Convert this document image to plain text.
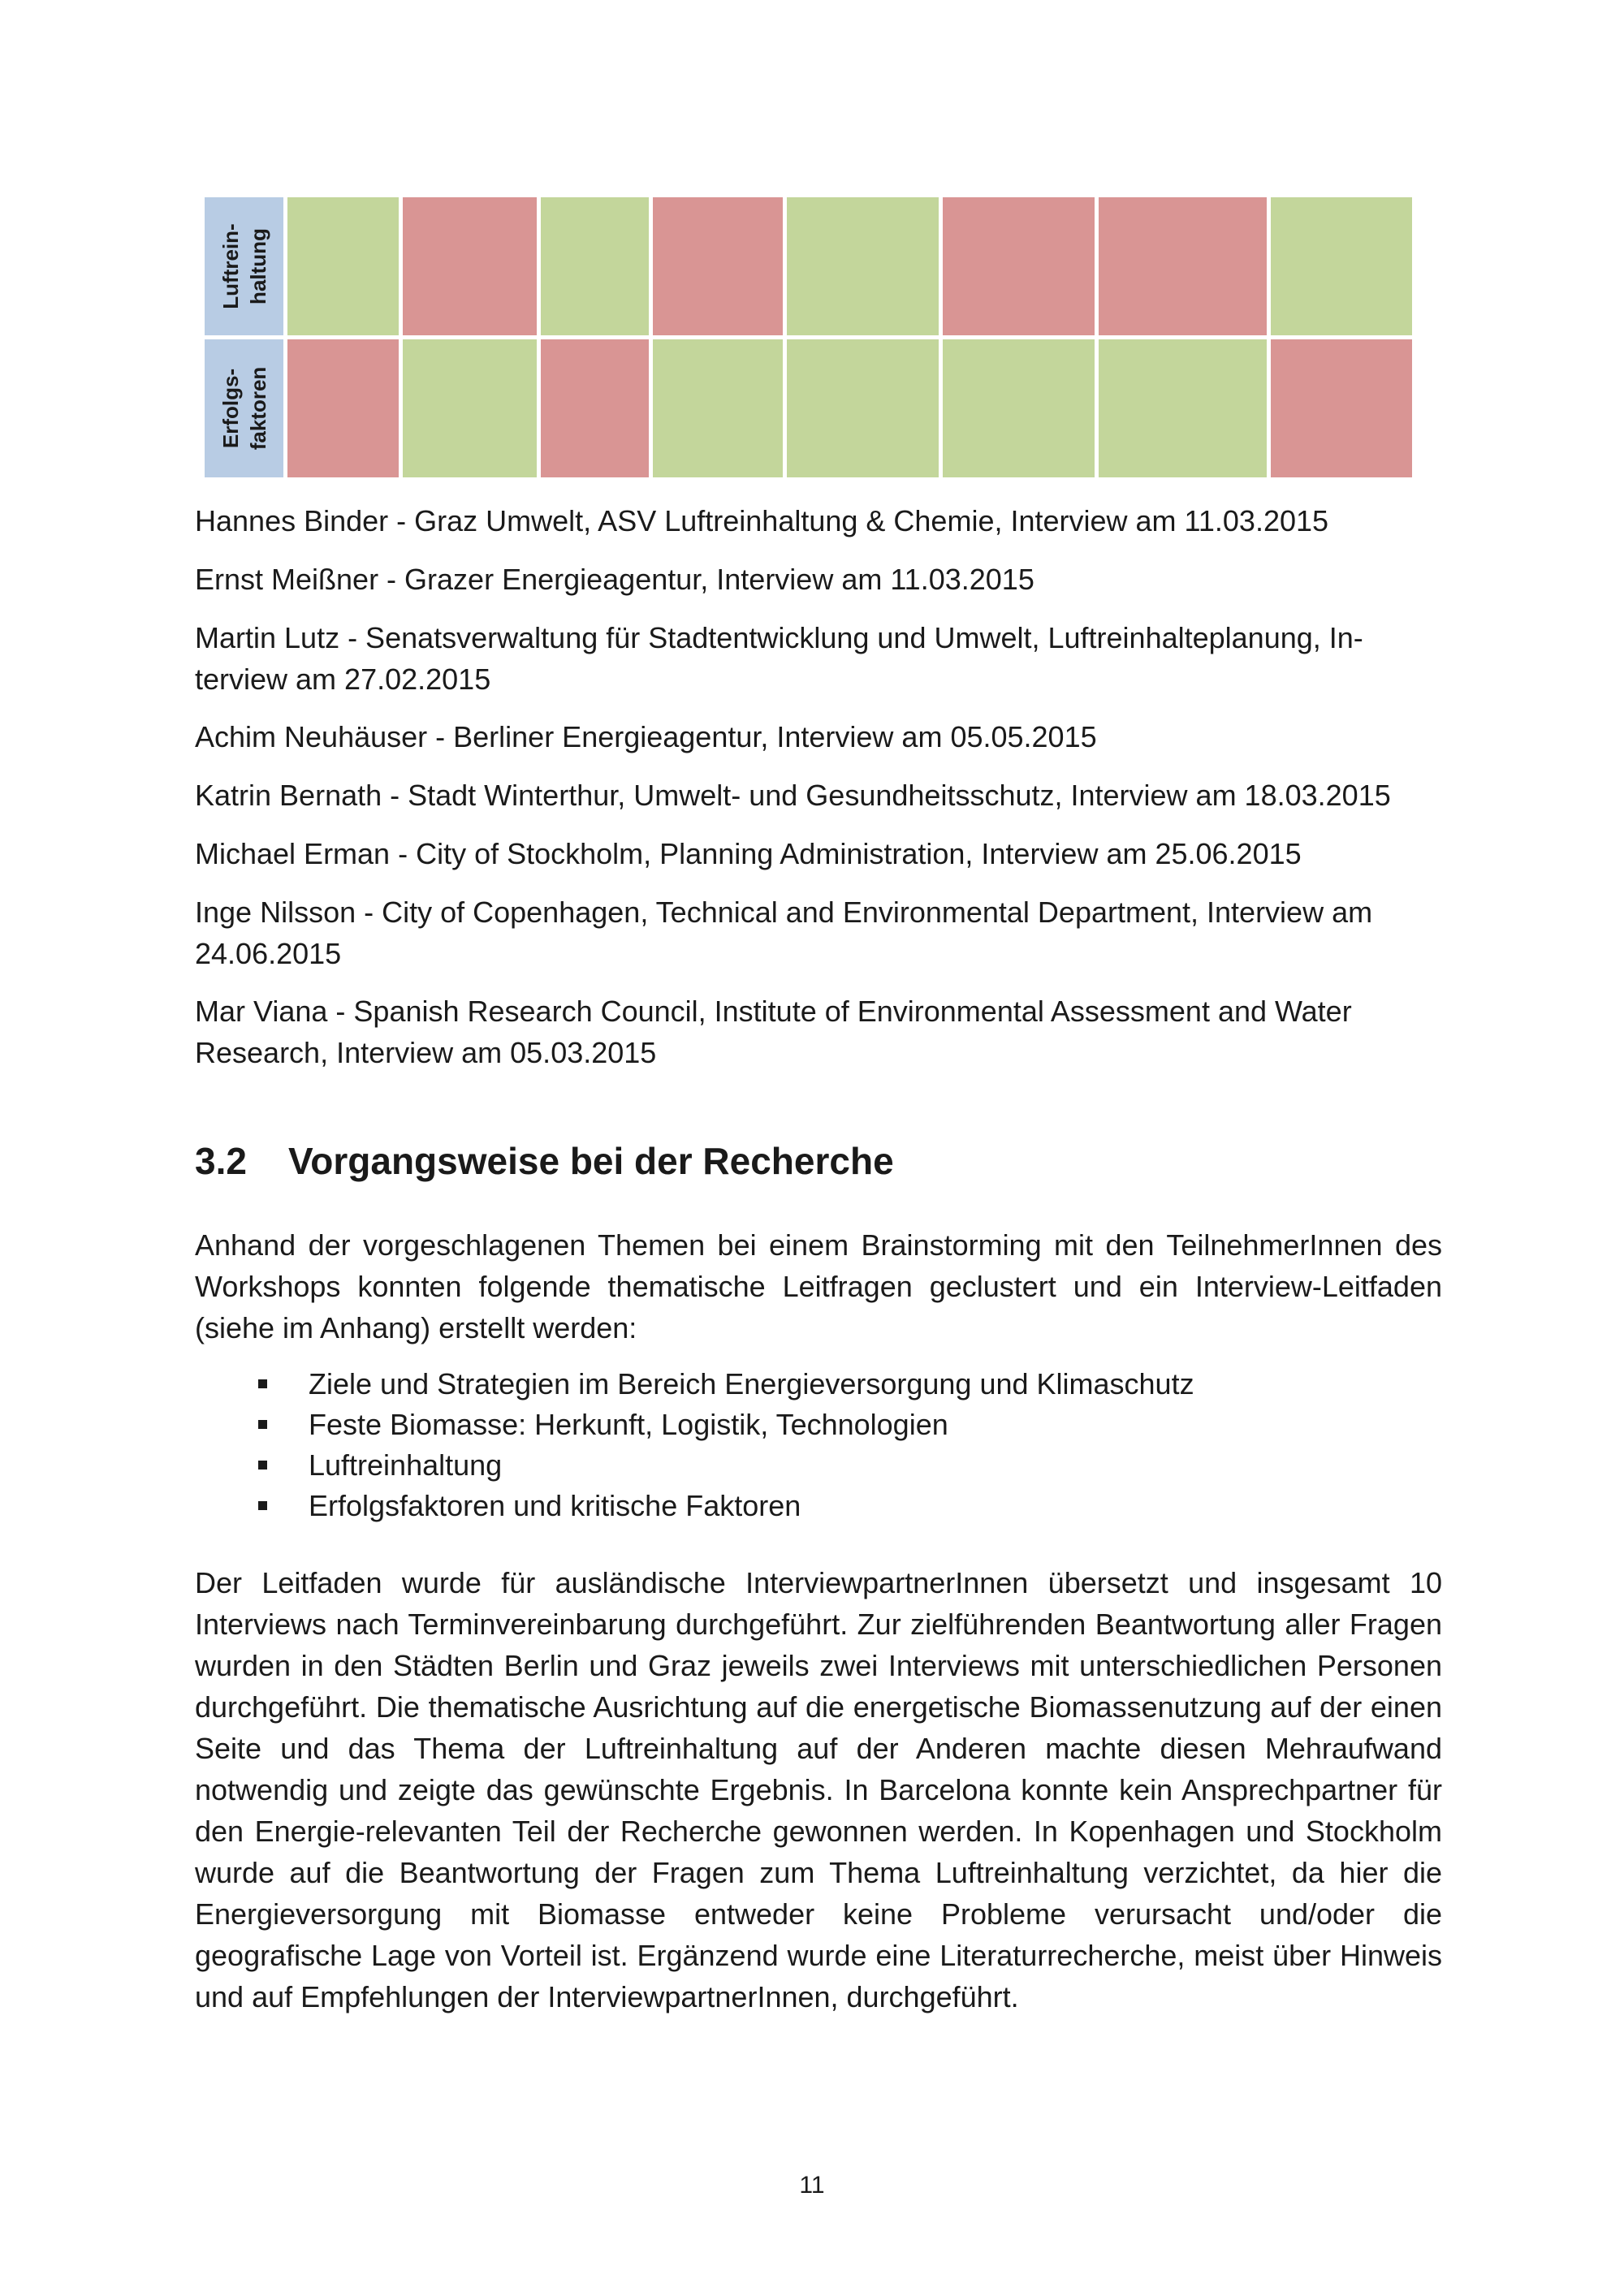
Luftrein-
haltung								

Erfolgs-
faktoren								

Hannes Binder - Graz Umwelt, ASV Luftreinhaltung & Chemie, Interview am 11.03.2015
Ernst Meißner - Grazer Energieagentur, Interview am 11.03.2015
Martin Lutz - Senatsverwaltung für Stadtentwicklung und Umwelt, Luftreinhalteplanung, In-
terview am 27.02.2015
Achim Neuhäuser - Berliner Energieagentur, Interview am 05.05.2015
Katrin Bernath - Stadt Winterthur, Umwelt- und Gesundheitsschutz, Interview am 18.03.2015
Michael Erman - City of Stockholm, Planning Administration, Interview am 25.06.2015
Inge Nilsson - City of Copenhagen, Technical and Environmental Department, Interview am
24.06.2015
Mar Viana - Spanish Research Council, Institute of Environmental Assessment and Water
Research, Interview am 05.03.2015
3.2 Vorgangsweise bei der Recherche
Anhand der vorgeschlagenen Themen bei einem Brainstorming mit den TeilnehmerInnen des Workshops konnten folgende thematische Leitfragen geclustert und ein Interview-Leitfaden (siehe im Anhang) erstellt werden:
Ziele und Strategien im Bereich Energieversorgung und Klimaschutz
Feste Biomasse: Herkunft, Logistik, Technologien
Luftreinhaltung
Erfolgsfaktoren und kritische Faktoren
Der Leitfaden wurde für ausländische InterviewpartnerInnen übersetzt und insgesamt 10 Interviews nach Terminvereinbarung durchgeführt. Zur zielführenden Beantwortung aller Fragen wurden in den Städten Berlin und Graz jeweils zwei Interviews mit unterschiedlichen Personen durchgeführt. Die thematische Ausrichtung auf die energetische Biomassenutzung auf der einen Seite und das Thema der Luftreinhaltung auf der Anderen machte diesen Mehraufwand notwendig und zeigte das gewünschte Ergebnis. In Barcelona konnte kein Ansprechpartner für den Energie-relevanten Teil der Recherche gewonnen werden. In Kopenhagen und Stockholm wurde auf die Beantwortung der Fragen zum Thema Luftreinhaltung verzichtet, da hier die Energieversorgung mit Biomasse entweder keine Probleme verursacht und/oder die geografische Lage von Vorteil ist. Ergänzend wurde eine Literaturrecherche, meist über Hinweis und auf Empfehlungen der InterviewpartnerInnen, durchgeführt.
11
